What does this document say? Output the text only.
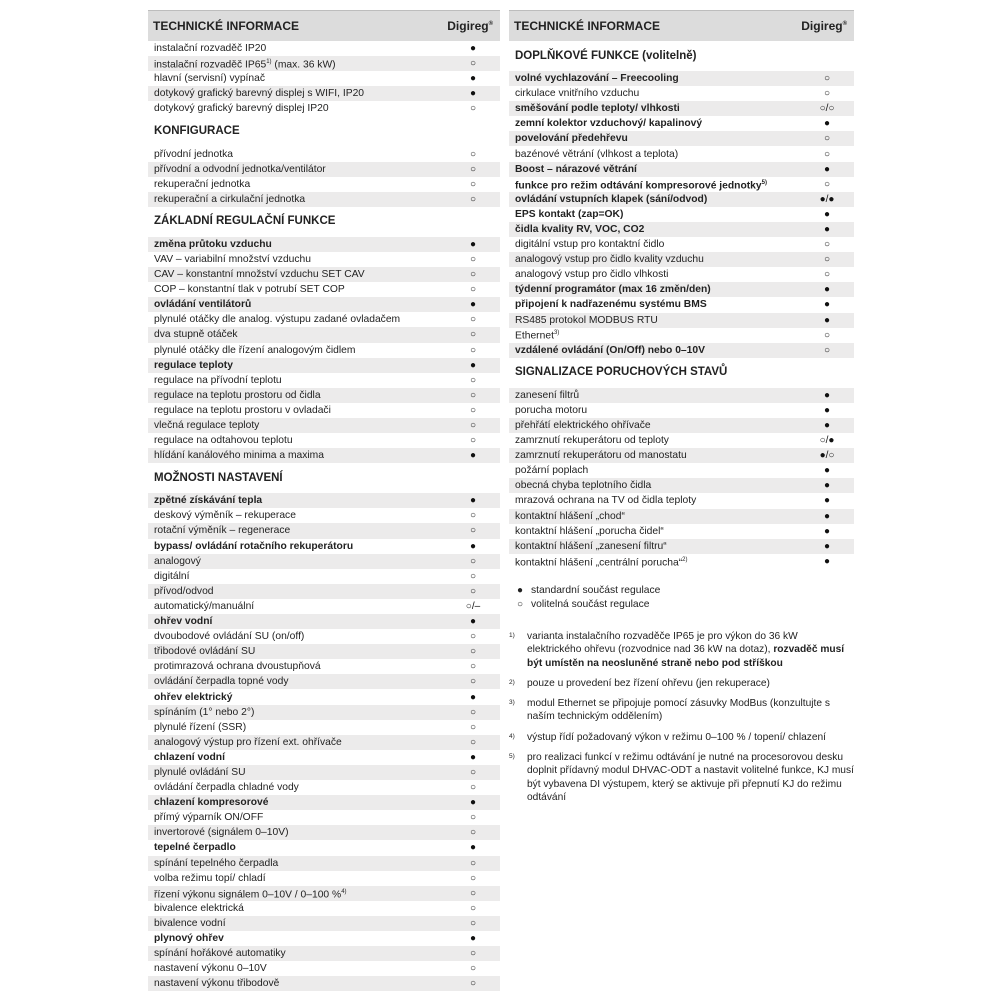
TECHNICKÉ INFORMACE	Digireg®
instalační rozvaděč IP20	●
instalační rozvaděč IP65$^{1)}$ (max. 36 kW)	○
hlavní (servisní) vypínač	●
dotykový grafický barevný displej s WIFI, IP20	●
dotykový grafický barevný displej IP20	○
KONFIGURACE
přívodní jednotka	○
přívodní a odvodní jednotka/ventilátor	○
rekuperační jednotka	○
rekuperační a cirkulační jednotka	○
ZÁKLADNÍ REGULAČNÍ FUNKCE
změna průtoku vzduchu	●
VAV – variabilní množství vzduchu	○
CAV – konstantní množství vzduchu SET CAV	○
COP – konstantní tlak v potrubí SET COP	○
ovládání ventilátorů	●
plynulé otáčky dle analog. výstupu zadané ovladačem	○
dva stupně otáček	○
plynulé otáčky dle řízení analogovým čidlem	○
regulace teploty	●
regulace na přívodní teplotu	○
regulace na teplotu prostoru od čidla	○
regulace na teplotu prostoru v ovladači	○
vlečná regulace teploty	○
regulace na odtahovou teplotu	○
hlídání kanálového minima a maxima	●
MOŽNOSTI NASTAVENÍ
zpětné získávání tepla	●
deskový výměník – rekuperace	○
rotační výměník – regenerace	○
bypass/ ovládání rotačního rekuperátoru	●
analogový	○
digitální	○
přívod/odvod	○
automatický/manuální	○/–
ohřev vodní	●
dvoubodové ovládání SU (on/off)	○
třibodové ovládání SU	○
protimrazová ochrana dvoustupňová	○
ovládání čerpadla topné vody	○
ohřev elektrický	●
spínáním (1° nebo 2°)	○
plynulé řízení (SSR)	○
analogový výstup pro řízení ext. ohřívače	○
chlazení vodní	●
plynulé ovládání SU	○
ovládání čerpadla chladné vody	○
chlazení kompresorové	●
přímý výparník ON/OFF	○
invertorové (signálem 0–10V)	○
tepelné čerpadlo	●
spínání tepelného čerpadla	○
volba režimu topí/ chladí	○
řízení výkonu signálem 0–10V / 0–100 %$^{4)}$	○
bivalence elektrická	○
bivalence vodní	○
plynový ohřev	●
spínání hořákové automatiky	○
nastavení výkonu 0–10V	○
nastavení výkonu třibodově	○
TECHNICKÉ INFORMACE	Digireg®
DOPLŇKOVÉ FUNKCE (volitelně)
volné vychlazování – Freecooling	○
cirkulace vnitřního vzduchu	○
směšování podle teploty/ vlhkosti	○/○
zemní kolektor vzduchový/ kapalinový	●
povelování předehřevu	○
bazénové větrání (vlhkost a teplota)	○
Boost – nárazové větrání	●
funkce pro režim odtávání kompresorové jednotky$^{5)}$	○
ovládání vstupních klapek (sání/odvod)	●/●
EPS kontakt (zap=OK)	●
čidla kvality RV, VOC, CO2	●
digitální vstup pro kontaktní čidlo	○
analogový vstup pro čidlo kvality vzduchu	○
analogový vstup pro čidlo vlhkosti	○
týdenní programátor (max 16 změn/den)	●
připojení k nadřazenému systému BMS	●
RS485 protokol MODBUS RTU	●
Ethernet$^{3)}$	○
vzdálené ovládání (On/Off) nebo 0–10V	○
SIGNALIZACE PORUCHOVÝCH STAVŮ
zanesení filtrů	●
porucha motoru	●
přehřátí elektrického ohřívače	●
zamrznutí rekuperátoru od teploty	○/●
zamrznutí rekuperátoru od manostatu	●/○
požární poplach	●
obecná chyba teplotního čidla	●
mrazová ochrana na TV od čidla teploty	●
kontaktní hlášení „chod“	●
kontaktní hlášení „porucha čidel“	●
kontaktní hlášení „zanesení filtru“	●
kontaktní hlášení „centrální porucha“$^{2)}$	●
● standardní součást regulace
○ volitelná součást regulace
1)	varianta instalačního rozvaděče IP65 je pro výkon do 36 kW elektrického ohřevu (rozvodnice nad 36 kW na dotaz), rozvaděč musí být umístěn na neosluněné straně nebo pod stříškou
2)	pouze u provedení bez řízení ohřevu (jen rekuperace)
3)	modul Ethernet se připojuje pomocí zásuvky ModBus (konzultujte s naším technickým oddělením)
4)	výstup řídí požadovaný výkon v režimu 0–100 % / topení/ chlazení
5)	pro realizaci funkcí v režimu odtávání je nutné na procesorovou desku doplnit přídavný modul DHVAC-ODT a nastavit volitelné funkce, KJ musí být vybavena DI výstupem, který se aktivuje při přepnutí KJ do režimu odtávání
